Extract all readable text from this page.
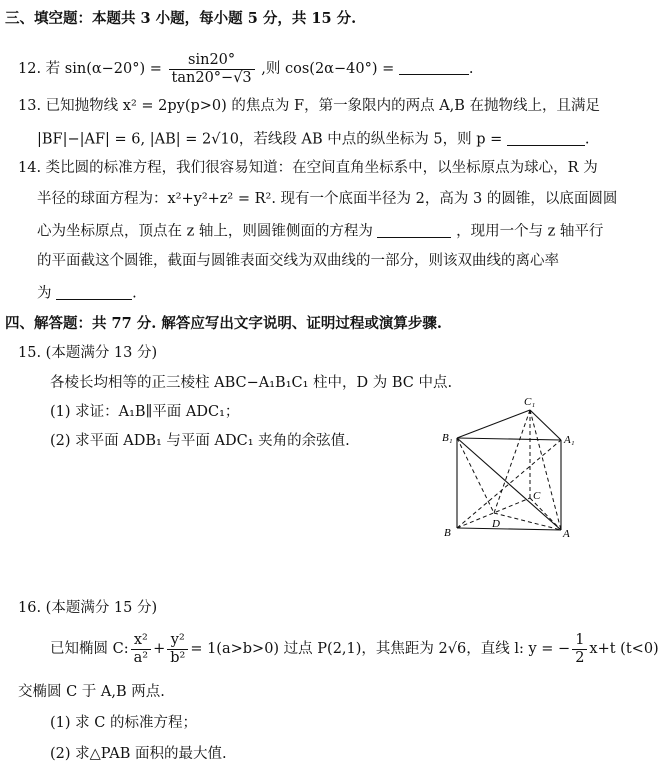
三、填空题：本题共 3 小题，每小题 5 分，共 15 分.
12. 若 $\sin(\alpha-20^\circ) = \frac{\sin 20^\circ}{\tan 20^\circ-√3}$ ,则 cos(2α−40°) =	.
13. 已知抛物线 x² = 2py(p>0) 的焦点为 F，第一象限内的两点 A,B 在抛物线上，且满足
|BF|−|AF| = 6, |AB| = 2√10，若线段 AB 中点的纵坐标为 5，则 p =	.
14. 类比圆的标准方程，我们很容易知道：在空间直角坐标系中，以坐标原点为球心，R 为
半径的球面方程为：x²+y²+z² = R². 现有一个底面半径为 2，高为 3 的圆锥，以底面圆圆
心为坐标原点，顶点在 z 轴上，则圆锥侧面的方程为	，现用一个与 z 轴平行
的平面截这个圆锥，截面与圆锥表面交线为双曲线的一部分，则该双曲线的离心率
为	.
四、解答题：共 77 分. 解答应写出文字说明、证明过程或演算步骤.
15. (本题满分 13 分)
各棱长均相等的正三棱柱 ABC−A₁B₁C₁ 柱中，D 为 BC 中点.
(1) 求证：A₁B∥平面 ADC₁；
(2) 求平面 ADB₁ 与平面 ADC₁ 夹角的余弦值.
C₁
B₁	A₁
C
B
D
A
16. (本题满分 15 分)
已知椭圆 C: $\frac{\text{x²}}{\text{a²}} + \frac{\text{y²}}{\text{b²}} = 1(a>b>0)$ 过点 P(2,1)，其焦距为 2√6，直线 l: y = − $\frac{1}{2} x+t$ (t<0)
交椭圆 C 于 A,B 两点.
(1) 求 C 的标准方程；
(2) 求△PAB 面积的最大值.
